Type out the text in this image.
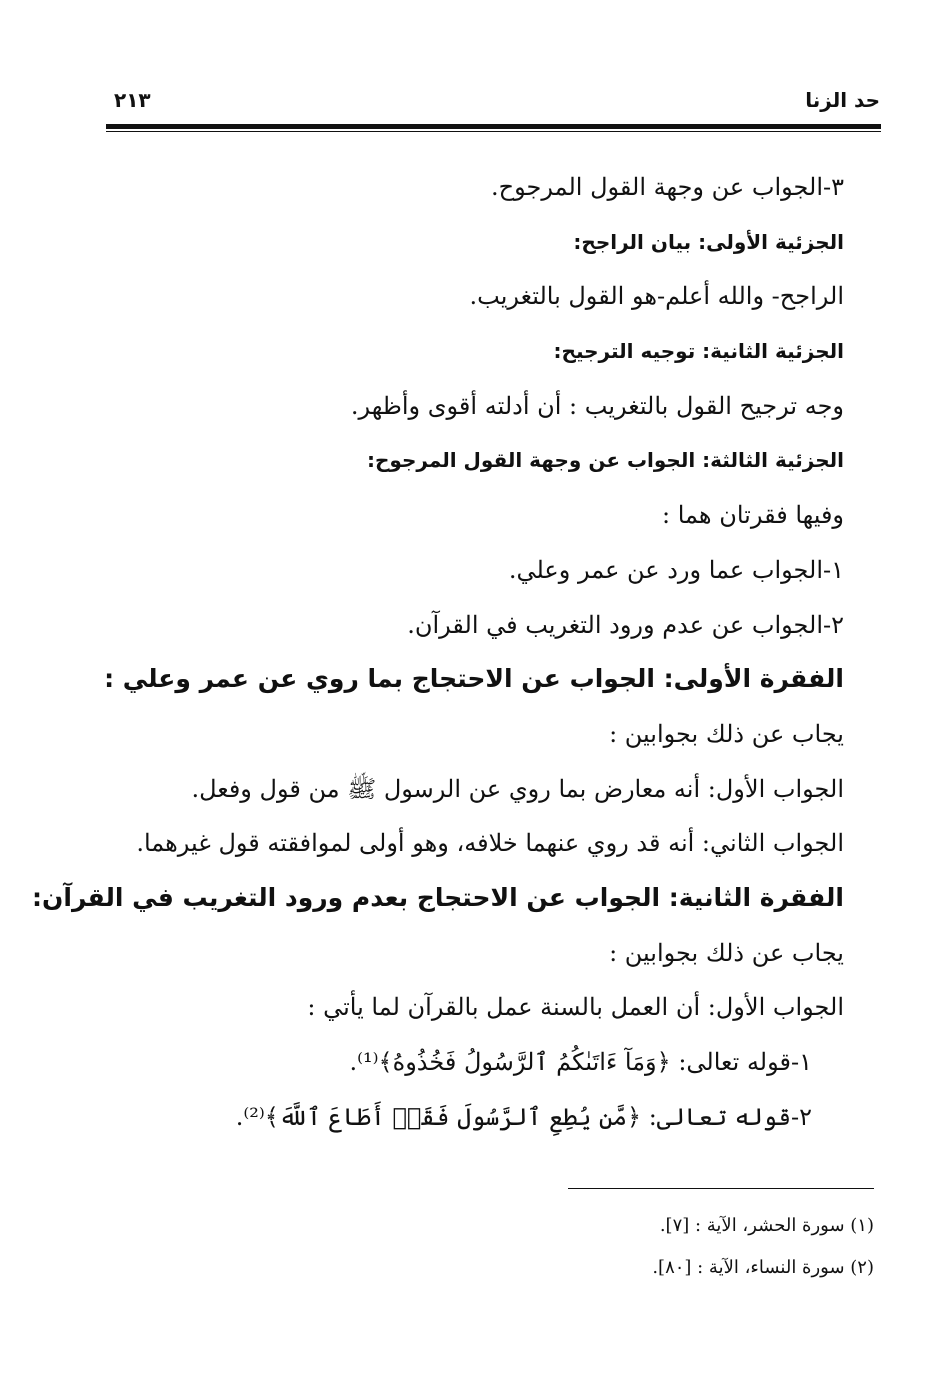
حد الزنا
٢١٣
٣-الجواب عن وجهة القول المرجوح.
الجزئية الأولى: بيان الراجح:
الراجح- والله أعلم-هو القول بالتغريب.
الجزئية الثانية: توجيه الترجيح:
وجه ترجيح القول بالتغريب : أن أدلته أقوى وأظهر.
الجزئية الثالثة: الجواب عن وجهة القول المرجوح:
وفيها فقرتان هما :
١-الجواب عما ورد عن عمر وعلي.
٢-الجواب عن عدم ورود التغريب في القرآن.
الفقرة الأولى: الجواب عن الاحتجاج بما روي عن عمر وعلي :
يجاب عن ذلك بجوابين :
الجواب الأول: أنه معارض بما روي عن الرسول ﷺ من قول وفعل.
الجواب الثاني: أنه قد روي عنهما خلافه، وهو أولى لموافقته قول غيرهما.
الفقرة الثانية: الجواب عن الاحتجاج بعدم ورود التغريب في القرآن:
يجاب عن ذلك بجوابين :
الجواب الأول: أن العمل بالسنة عمل بالقرآن لما يأتي :
١-قوله تعالى: ﴿وَمَآ ءَاتَىٰكُمُ ٱلرَّسُولُ فَخُذُوهُ﴾⁽¹⁾.
٢-قوله تعالى: ﴿مَّن يُطِعِ ٱلرَّسُولَ فَقَدۡ أَطَاعَ ٱللَّهَ﴾⁽²⁾.
(١) سورة الحشر، الآية : [٧].
(٢) سورة النساء، الآية : [٨٠].
